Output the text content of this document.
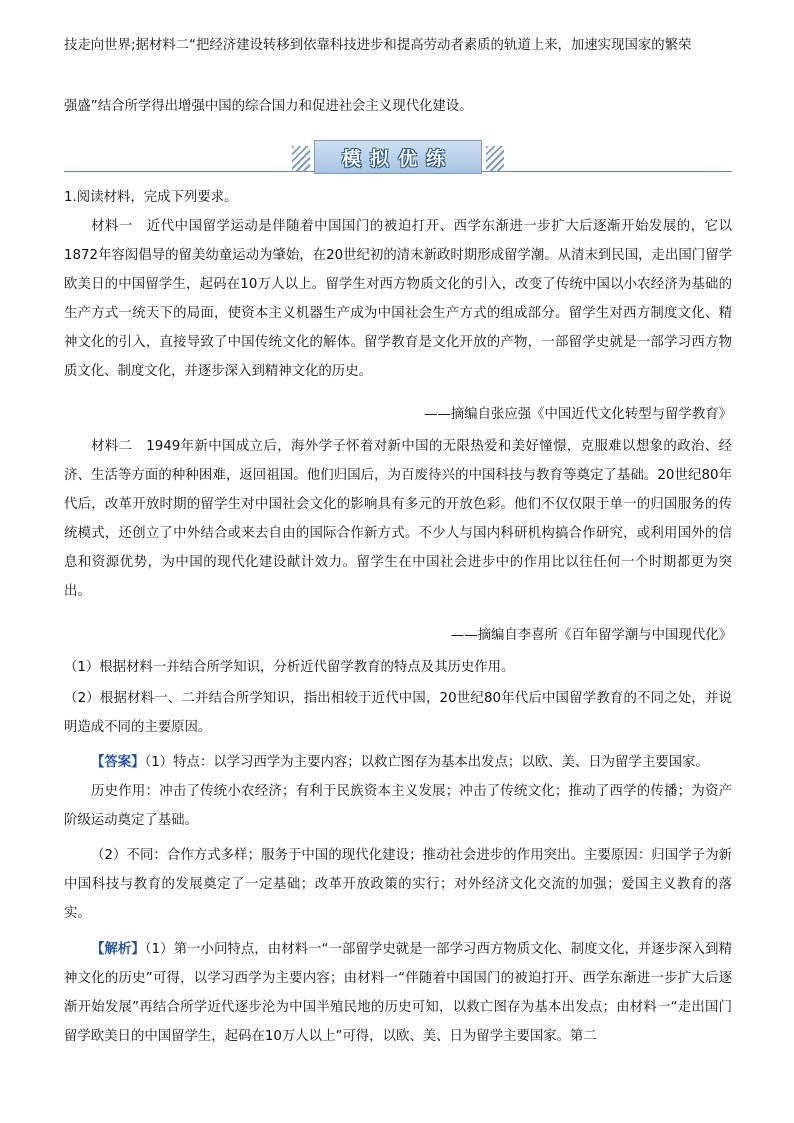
技走向世界;据材料二“把经济建设转移到依靠科技进步和提高劳动者素质的轨道上来，加速实现国家的繁荣

强盛”结合所学得出增强中国的综合国力和促进社会主义现代化建设。

模拟优练

1.阅读材料，完成下列要求。

材料一　近代中国留学运动是伴随着中国国门的被迫打开、西学东渐进一步扩大后逐渐开始发展的，它以1872年容闳倡导的留美幼童运动为肇始，在20世纪初的清末新政时期形成留学潮。从清末到民国，走出国门留学欧美日的中国留学生，起码在10万人以上。留学生对西方物质文化的引入，改变了传统中国以小农经济为基础的生产方式一统天下的局面，使资本主义机器生产成为中国社会生产方式的组成部分。留学生对西方制度文化、精神文化的引入，直接导致了中国传统文化的解体。留学教育是文化开放的产物，一部留学史就是一部学习西方物质文化、制度文化，并逐步深入到精神文化的历史。

——摘编自张应强《中国近代文化转型与留学教育》

材料二　1949年新中国成立后，海外学子怀着对新中国的无限热爱和美好憧憬，克服难以想象的政治、经济、生活等方面的种种困难，返回祖国。他们归国后，为百废待兴的中国科技与教育等奠定了基础。20世纪80年代后，改革开放时期的留学生对中国社会文化的影响具有多元的开放色彩。他们不仅仅限于单一的归国服务的传统模式，还创立了中外结合或来去自由的国际合作新方式。不少人与国内科研机构搞合作研究，或利用国外的信息和资源优势，为中国的现代化建设献计效力。留学生在中国社会进步中的作用比以往任何一个时期都更为突出。

——摘编自李喜所《百年留学潮与中国现代化》

（1）根据材料一并结合所学知识，分析近代留学教育的特点及其历史作用。

（2）根据材料一、二并结合所学知识，指出相较于近代中国，20世纪80年代后中国留学教育的不同之处，并说明造成不同的主要原因。

【答案】（1）特点：以学习西学为主要内容；以救亡图存为基本出发点；以欧、美、日为留学主要国家。

历史作用：冲击了传统小农经济；有利于民族资本主义发展；冲击了传统文化；推动了西学的传播；为资产阶级运动奠定了基础。

（2）不同：合作方式多样；服务于中国的现代化建设；推动社会进步的作用突出。主要原因：归国学子为新中国科技与教育的发展奠定了一定基础；改革开放政策的实行；对外经济文化交流的加强；爱国主义教育的落实。

【解析】（1）第一小问特点，由材料一“一部留学史就是一部学习西方物质文化、制度文化，并逐步深入到精神文化的历史”可得，以学习西学为主要内容；由材料一“伴随着中国国门的被迫打开、西学东渐进一步扩大后逐渐开始发展”再结合所学近代逐步沦为中国半殖民地的历史可知，以救亡图存为基本出发点；由材料一“走出国门留学欧美日的中国留学生，起码在10万人以上”可得，以欧、美、日为留学主要国家。第二
